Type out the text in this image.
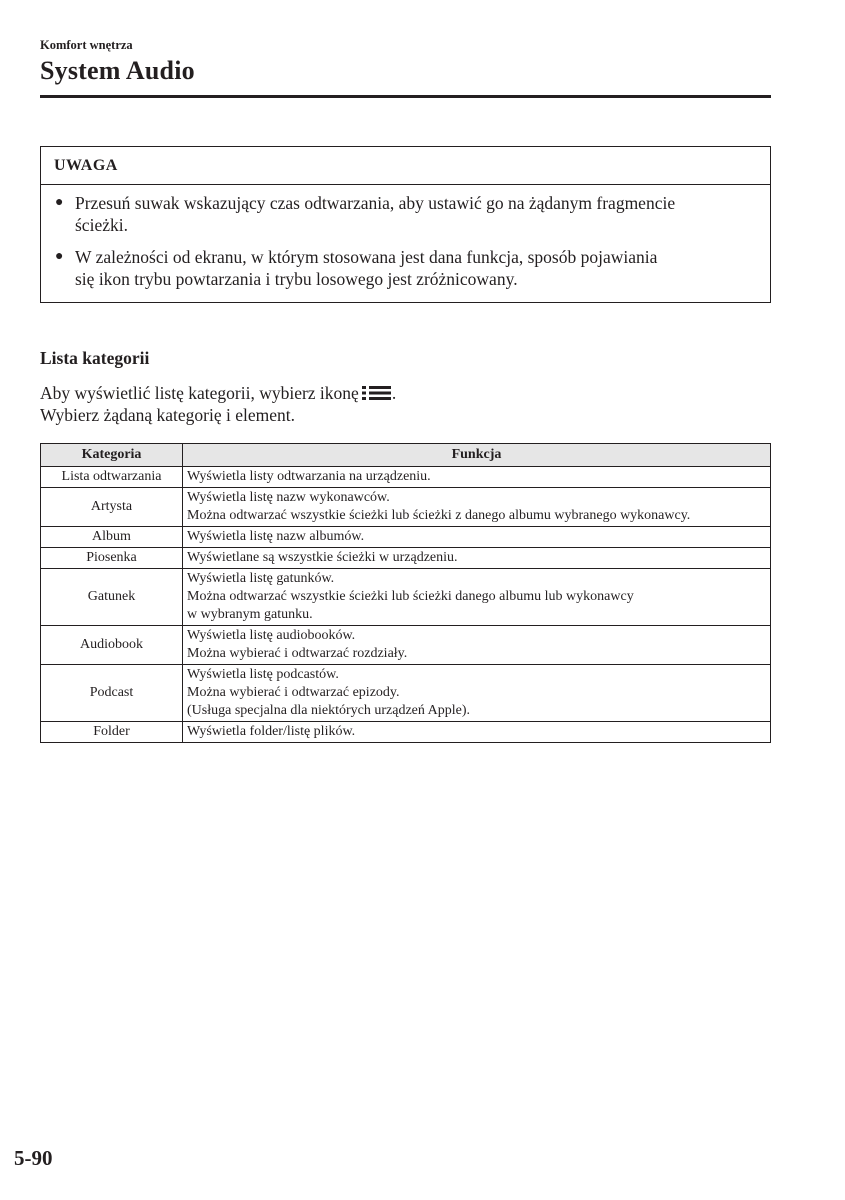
Komfort wnętrza
System Audio
UWAGA
● Przesuń suwak wskazujący czas odtwarzania, aby ustawić go na żądanym fragmencie
ścieżki.
● W zależności od ekranu, w którym stosowana jest dana funkcja, sposób pojawiania
się ikon trybu powtarzania i trybu losowego jest zróżnicowany.
Lista kategorii
Aby wyświetlić listę kategorii, wybierz ikonę .
Wybierz żądaną kategorię i element.
Kategoria	Funkcja
Lista odtwarzania	Wyświetla listy odtwarzania na urządzeniu.

Artysta	Wyświetla listę nazw wykonawców.
Można odtwarzać wszystkie ścieżki lub ścieżki z danego albumu wybranego wykonawcy.

Album	Wyświetla listę nazw albumów.

Piosenka	Wyświetlane są wszystkie ścieżki w urządzeniu.

Gatunek	Wyświetla listę gatunków.
Można odtwarzać wszystkie ścieżki lub ścieżki danego albumu lub wykonawcy
w wybranym gatunku.

Audiobook	Wyświetla listę audiobooków.
Można wybierać i odtwarzać rozdziały.

Podcast	Wyświetla listę podcastów.
Można wybierać i odtwarzać epizody.
(Usługa specjalna dla niektórych urządzeń Apple).

Folder	Wyświetla folder/listę plików.
5-90
